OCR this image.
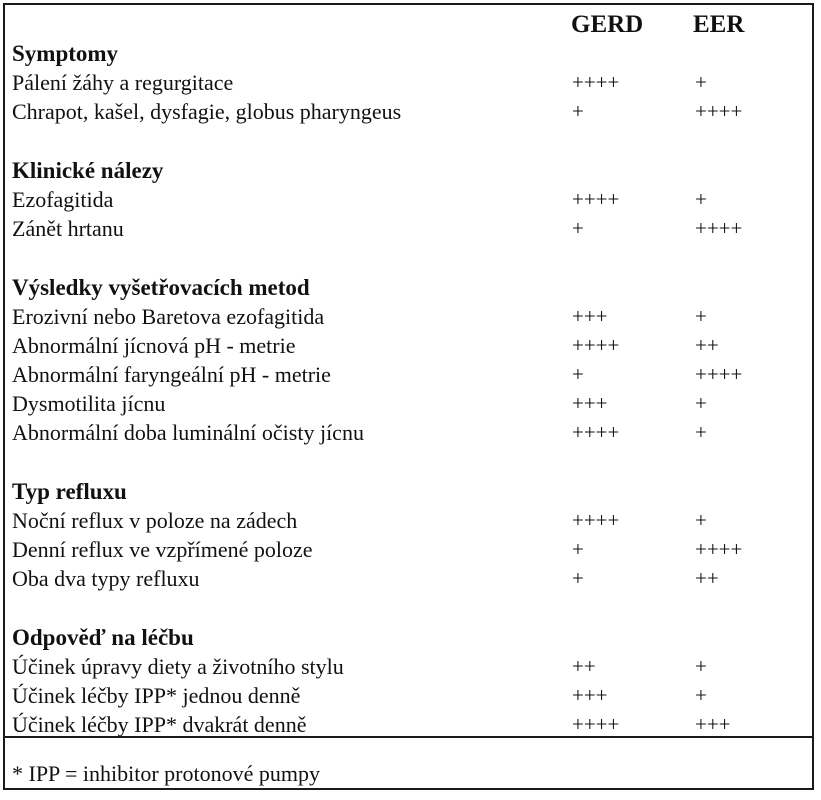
GERD EER
Symptomy
Pálení žáhy a regurgitace	++++	+
Chrapot, kašel, dysfagie, globus pharyngeus	+	++++
Klinické nálezy
Ezofagitida	++++	+
Zánět hrtanu	+	++++
Výsledky vyšetřovacích metod
Erozivní nebo Baretova ezofagitida	+++	+
Abnormální jícnová pH - metrie	++++	++
Abnormální faryngeální pH - metrie	+	++++
Dysmotilita jícnu	+++	+
Abnormální doba luminální očisty jícnu	++++	+
Typ refluxu
Noční reflux v poloze na zádech	++++	+
Denní reflux ve vzpřímené poloze	+	++++
Oba dva typy refluxu	+	++
Odpověď na léčbu
Účinek úpravy diety a životního stylu	++	+
Účinek léčby IPP* jednou denně	+++	+
Účinek léčby IPP* dvakrát denně	++++	+++
* IPP = inhibitor protonové pumpy
